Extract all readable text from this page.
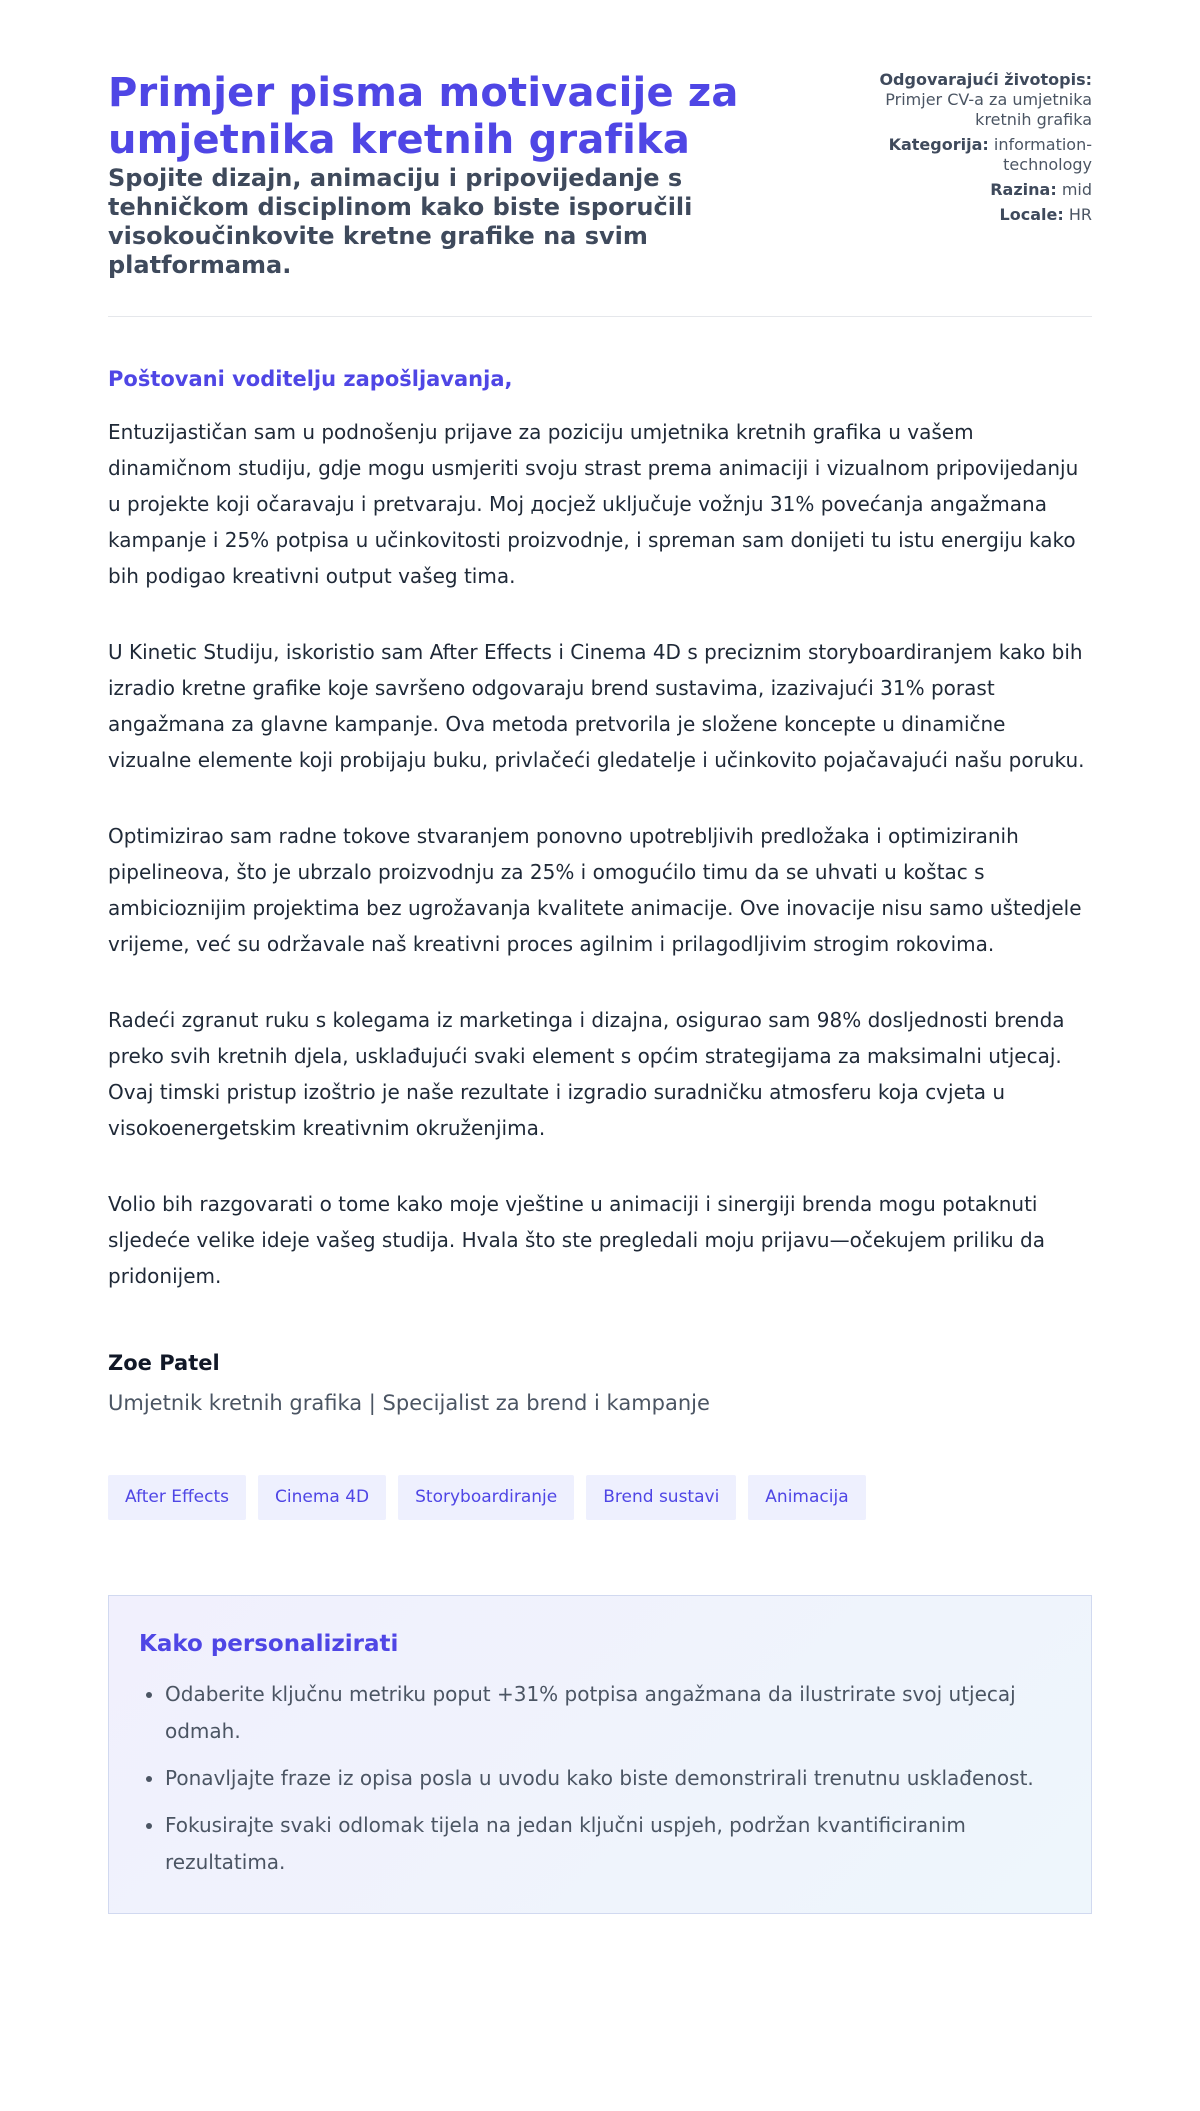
Primjer pisma motivacije za umjetnika kretnih grafika
Spojite dizajn, animaciju i pripovijedanje s tehničkom disciplinom kako biste isporučili visokoučinkovite kretne grafike na svim platformama.
Odgovarajući životopis: Primjer CV-a za umjetnika kretnih grafika
Kategorija: information-technology
Razina: mid
Locale: HR

Poštovani voditelju zapošljavanja,

Entuzijastičan sam u podnošenju prijave za poziciju umjetnika kretnih grafika u vašem dinamičnom studiju, gdje mogu usmjeriti svoju strast prema animaciji i vizualnom pripovijedanju u projekte koji očaravaju i pretvaraju. Moj досjež uključuje vožnju 31% povećanja angažmana kampanje i 25% potpisa u učinkovitosti proizvodnje, i spreman sam donijeti tu istu energiju kako bih podigao kreativni output vašeg tima.

U Kinetic Studiju, iskoristio sam After Effects i Cinema 4D s preciznim storyboardiranjem kako bih izradio kretne grafike koje savršeno odgovaraju brend sustavima, izazivajući 31% porast angažmana za glavne kampanje. Ova metoda pretvorila je složene koncepte u dinamične vizualne elemente koji probijaju buku, privlačeći gledatelje i učinkovito pojačavajući našu poruku.

Optimizirao sam radne tokove stvaranjem ponovno upotrebljivih predložaka i optimiziranih pipelineova, što je ubrzalo proizvodnju za 25% i omogućilo timu da se uhvati u koštac s ambicioznijim projektima bez ugrožavanja kvalitete animacije. Ove inovacije nisu samo uštedjele vrijeme, već su održavale naš kreativni proces agilnim i prilagodljivim strogim rokovima.

Radeći zgranut ruku s kolegama iz marketinga i dizajna, osigurao sam 98% dosljednosti brenda preko svih kretnih djela, usklađujući svaki element s općim strategijama za maksimalni utjecaj. Ovaj timski pristup izoštrio je naše rezultate i izgradio suradničku atmosferu koja cvjeta u visokoenergetskim kreativnim okruženjima.

Volio bih razgovarati o tome kako moje vještine u animaciji i sinergiji brenda mogu potaknuti sljedeće velike ideje vašeg studija. Hvala što ste pregledali moju prijavu—očekujem priliku da pridonijem.

Zoe Patel
Umjetnik kretnih grafika | Specijalist za brend i kampanje
After Effects	Cinema 4D	Storyboardiranje	Brend sustavi	Animacija
Kako personalizirati
• Odaberite ključnu metriku poput +31% potpisa angažmana da ilustrirate svoj utjecaj odmah.
• Ponavljajte fraze iz opisa posla u uvodu kako biste demonstrirali trenutnu usklađenost.
• Fokusirajte svaki odlomak tijela na jedan ključni uspjeh, podržan kvantificiranim rezultatima.
